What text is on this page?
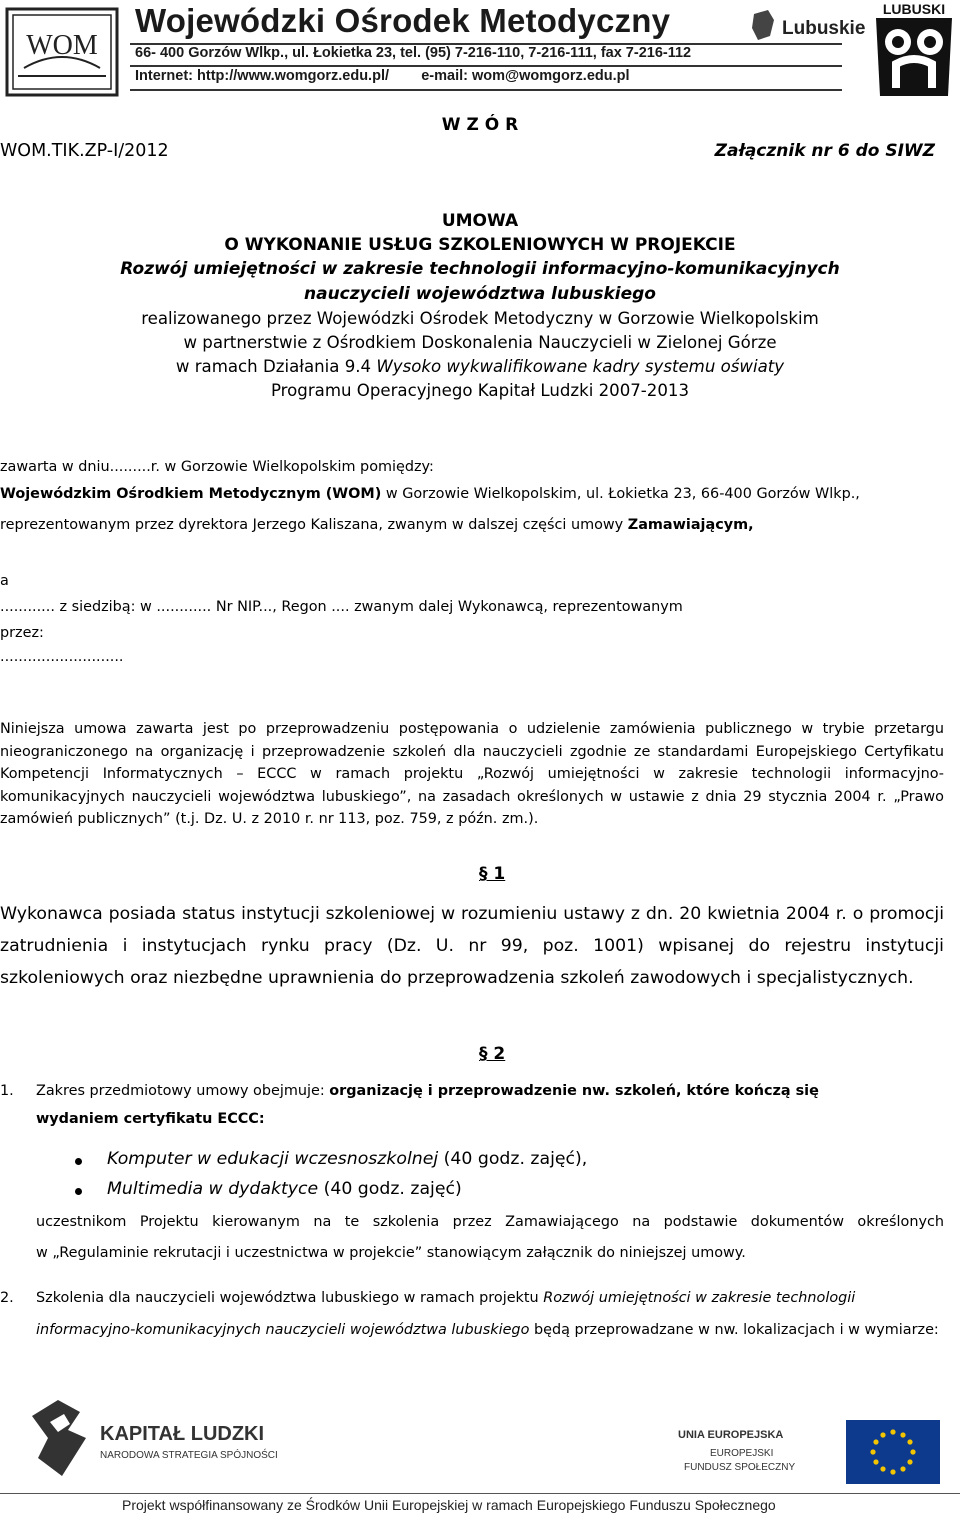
WOM
Wojewódzki Ośrodek Metodyczny
66- 400 Gorzów Wlkp., ul. Łokietka 23, tel. (95) 7-216-110, 7-216-111, fax 7-216-112
Internet: http://www.womgorz.edu.pl/        e-mail: wom@womgorz.edu.pl
Lubuskie
LUBUSKI
W Z Ó R
WOM.TIK.ZP-I/2012	Załącznik nr 6 do SIWZ
UMOWA
O WYKONANIE USŁUG SZKOLENIOWYCH W PROJEKCIE
Rozwój umiejętności w zakresie technologii informacyjno-komunikacyjnych
nauczycieli województwa lubuskiego
realizowanego przez Wojewódzki Ośrodek Metodyczny w Gorzowie Wielkopolskim
w partnerstwie z Ośrodkiem Doskonalenia Nauczycieli w Zielonej Górze
w ramach Działania 9.4 Wysoko wykwalifikowane kadry systemu oświaty
Programu Operacyjnego Kapitał Ludzki 2007-2013
zawarta w dniu.........r. w Gorzowie Wielkopolskim pomiędzy:
Wojewódzkim Ośrodkiem Metodycznym (WOM) w Gorzowie Wielkopolskim, ul. Łokietka 23, 66-400 Gorzów Wlkp.,
reprezentowanym przez dyrektora Jerzego Kaliszana, zwanym w dalszej części umowy Zamawiającym,
a
............ z siedzibą: w ............ Nr NIP..., Regon .... zwanym dalej Wykonawcą, reprezentowanym
przez:
...........................
Niniejsza umowa zawarta jest po przeprowadzeniu postępowania o udzielenie zamówienia publicznego w trybie przetargu nieograniczonego na organizację i przeprowadzenie szkoleń dla nauczycieli zgodnie ze standardami Europejskiego Certyfikatu Kompetencji Informatycznych – ECCC w ramach projektu „Rozwój umiejętności w zakresie technologii informacyjno-komunikacyjnych nauczycieli województwa lubuskiego”, na zasadach określonych w ustawie z dnia 29 stycznia 2004 r. „Prawo zamówień publicznych” (t.j. Dz. U. z 2010 r. nr 113, poz. 759, z późn. zm.).
§ 1
Wykonawca posiada status instytucji szkoleniowej w rozumieniu ustawy z dn. 20 kwietnia 2004 r. o promocji zatrudnienia i instytucjach rynku pracy (Dz. U. nr 99, poz. 1001) wpisanej do rejestru instytucji szkoleniowych oraz niezbędne uprawnienia do przeprowadzenia szkoleń zawodowych i specjalistycznych.
§ 2
1. Zakres przedmiotowy umowy obejmuje: organizację i przeprowadzenie nw. szkoleń, które kończą się
wydaniem certyfikatu ECCC:
Komputer w edukacji wczesnoszkolnej (40 godz. zajęć),
Multimedia w dydaktyce (40 godz. zajęć)
uczestnikom Projektu kierowanym na te szkolenia przez Zamawiającego na podstawie dokumentów określonych
w „Regulaminie rekrutacji i uczestnictwa w projekcie” stanowiącym załącznik do niniejszej umowy.
2. Szkolenia dla nauczycieli województwa lubuskiego w ramach projektu Rozwój umiejętności w zakresie technologii
informacyjno-komunikacyjnych nauczycieli województwa lubuskiego będą przeprowadzane w nw. lokalizacjach i w wymiarze:
KAPITAŁ LUDZKI
NARODOWA STRATEGIA SPÓJNOŚCI
UNIA EUROPEJSKA
EUROPEJSKI
FUNDUSZ SPOŁECZNY
Projekt współfinansowany ze Środków Unii Europejskiej w ramach Europejskiego Funduszu Społecznego
